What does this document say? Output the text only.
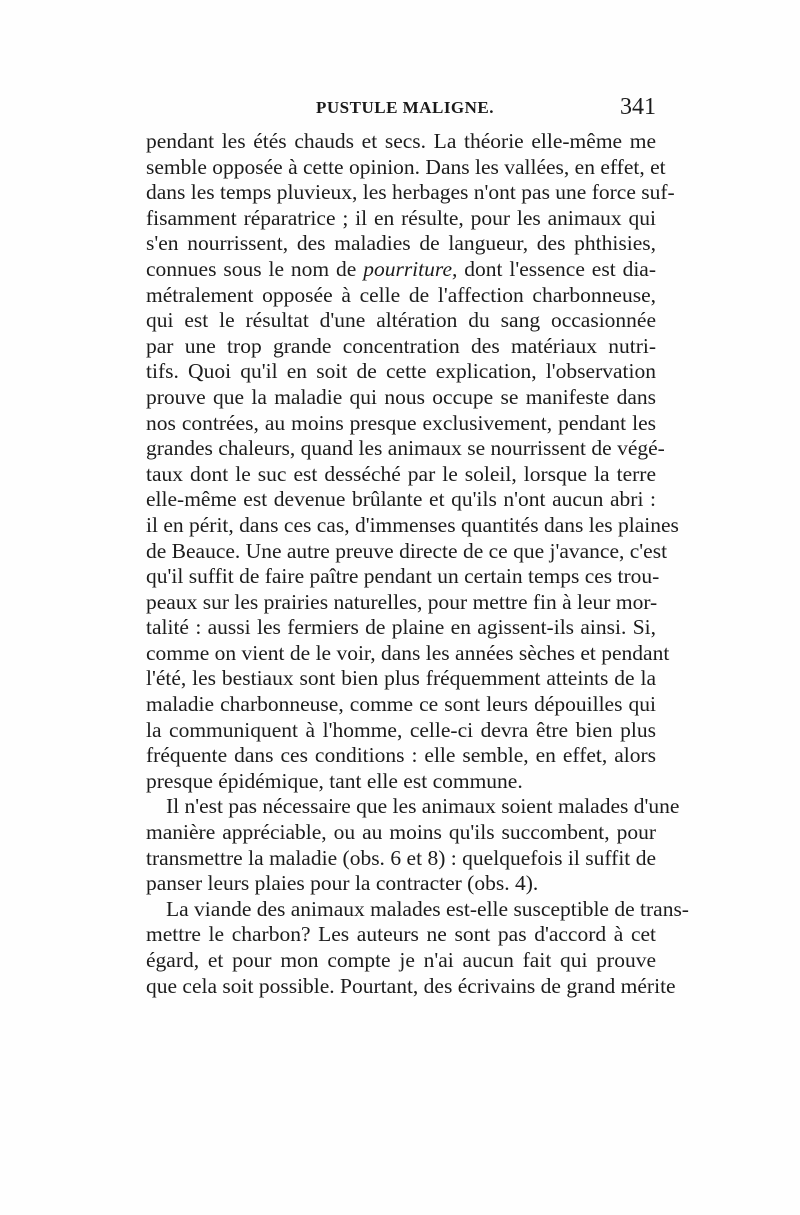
PUSTULE MALIGNE.	341
pendant les étés chauds et secs. La théorie elle-même me
semble opposée à cette opinion. Dans les vallées, en effet, et
dans les temps pluvieux, les herbages n'ont pas une force suf-
fisamment réparatrice ; il en résulte, pour les animaux qui
s'en nourrissent, des maladies de langueur, des phthisies,
connues sous le nom de pourriture, dont l'essence est dia-
métralement opposée à celle de l'affection charbonneuse,
qui est le résultat d'une altération du sang occasionnée
par une trop grande concentration des matériaux nutri-
tifs. Quoi qu'il en soit de cette explication, l'observation
prouve que la maladie qui nous occupe se manifeste dans
nos contrées, au moins presque exclusivement, pendant les
grandes chaleurs, quand les animaux se nourrissent de végé-
taux dont le suc est desséché par le soleil, lorsque la terre
elle-même est devenue brûlante et qu'ils n'ont aucun abri :
il en périt, dans ces cas, d'immenses quantités dans les plaines
de Beauce. Une autre preuve directe de ce que j'avance, c'est
qu'il suffit de faire paître pendant un certain temps ces trou-
peaux sur les prairies naturelles, pour mettre fin à leur mor-
talité : aussi les fermiers de plaine en agissent-ils ainsi. Si,
comme on vient de le voir, dans les années sèches et pendant
l'été, les bestiaux sont bien plus fréquemment atteints de la
maladie charbonneuse, comme ce sont leurs dépouilles qui
la communiquent à l'homme, celle-ci devra être bien plus
fréquente dans ces conditions : elle semble, en effet, alors
presque épidémique, tant elle est commune.
Il n'est pas nécessaire que les animaux soient malades d'une
manière appréciable, ou au moins qu'ils succombent, pour
transmettre la maladie (obs. 6 et 8) : quelquefois il suffit de
panser leurs plaies pour la contracter (obs. 4).
La viande des animaux malades est-elle susceptible de trans-
mettre le charbon? Les auteurs ne sont pas d'accord à cet
égard, et pour mon compte je n'ai aucun fait qui prouve
que cela soit possible. Pourtant, des écrivains de grand mérite
